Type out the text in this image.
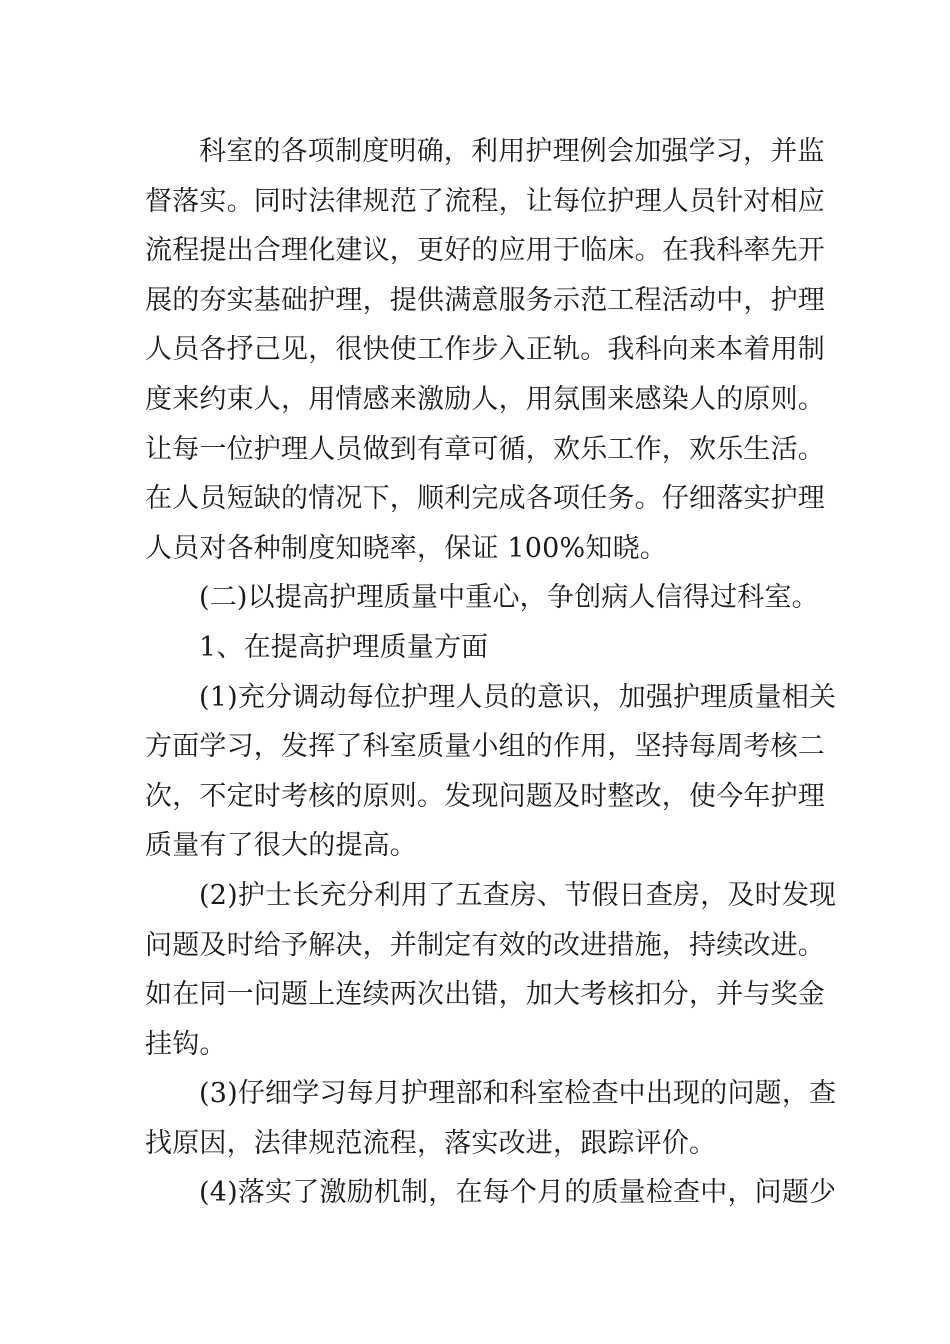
科室的各项制度明确，利用护理例会加强学习，并监
督落实。同时法律规范了流程，让每位护理人员针对相应
流程提出合理化建议，更好的应用于临床。在我科率先开
展的夯实基础护理，提供满意服务示范工程活动中，护理
人员各抒己见，很快使工作步入正轨。我科向来本着用制
度来约束人，用情感来激励人，用氛围来感染人的原则。
让每一位护理人员做到有章可循，欢乐工作，欢乐生活。
在人员短缺的情况下，顺利完成各项任务。仔细落实护理
人员对各种制度知晓率，保证 100%知晓。
(二)以提高护理质量中重心，争创病人信得过科室。
1、在提高护理质量方面
(1)充分调动每位护理人员的意识，加强护理质量相关
方面学习，发挥了科室质量小组的作用，坚持每周考核二
次，不定时考核的原则。发现问题及时整改，使今年护理
质量有了很大的提高。
(2)护士长充分利用了五查房、节假日查房，及时发现
问题及时给予解决，并制定有效的改进措施，持续改进。
如在同一问题上连续两次出错，加大考核扣分，并与奖金
挂钩。
(3)仔细学习每月护理部和科室检查中出现的问题，查
找原因，法律规范流程，落实改进，跟踪评价。
(4)落实了激励机制，在每个月的质量检查中，问题少
